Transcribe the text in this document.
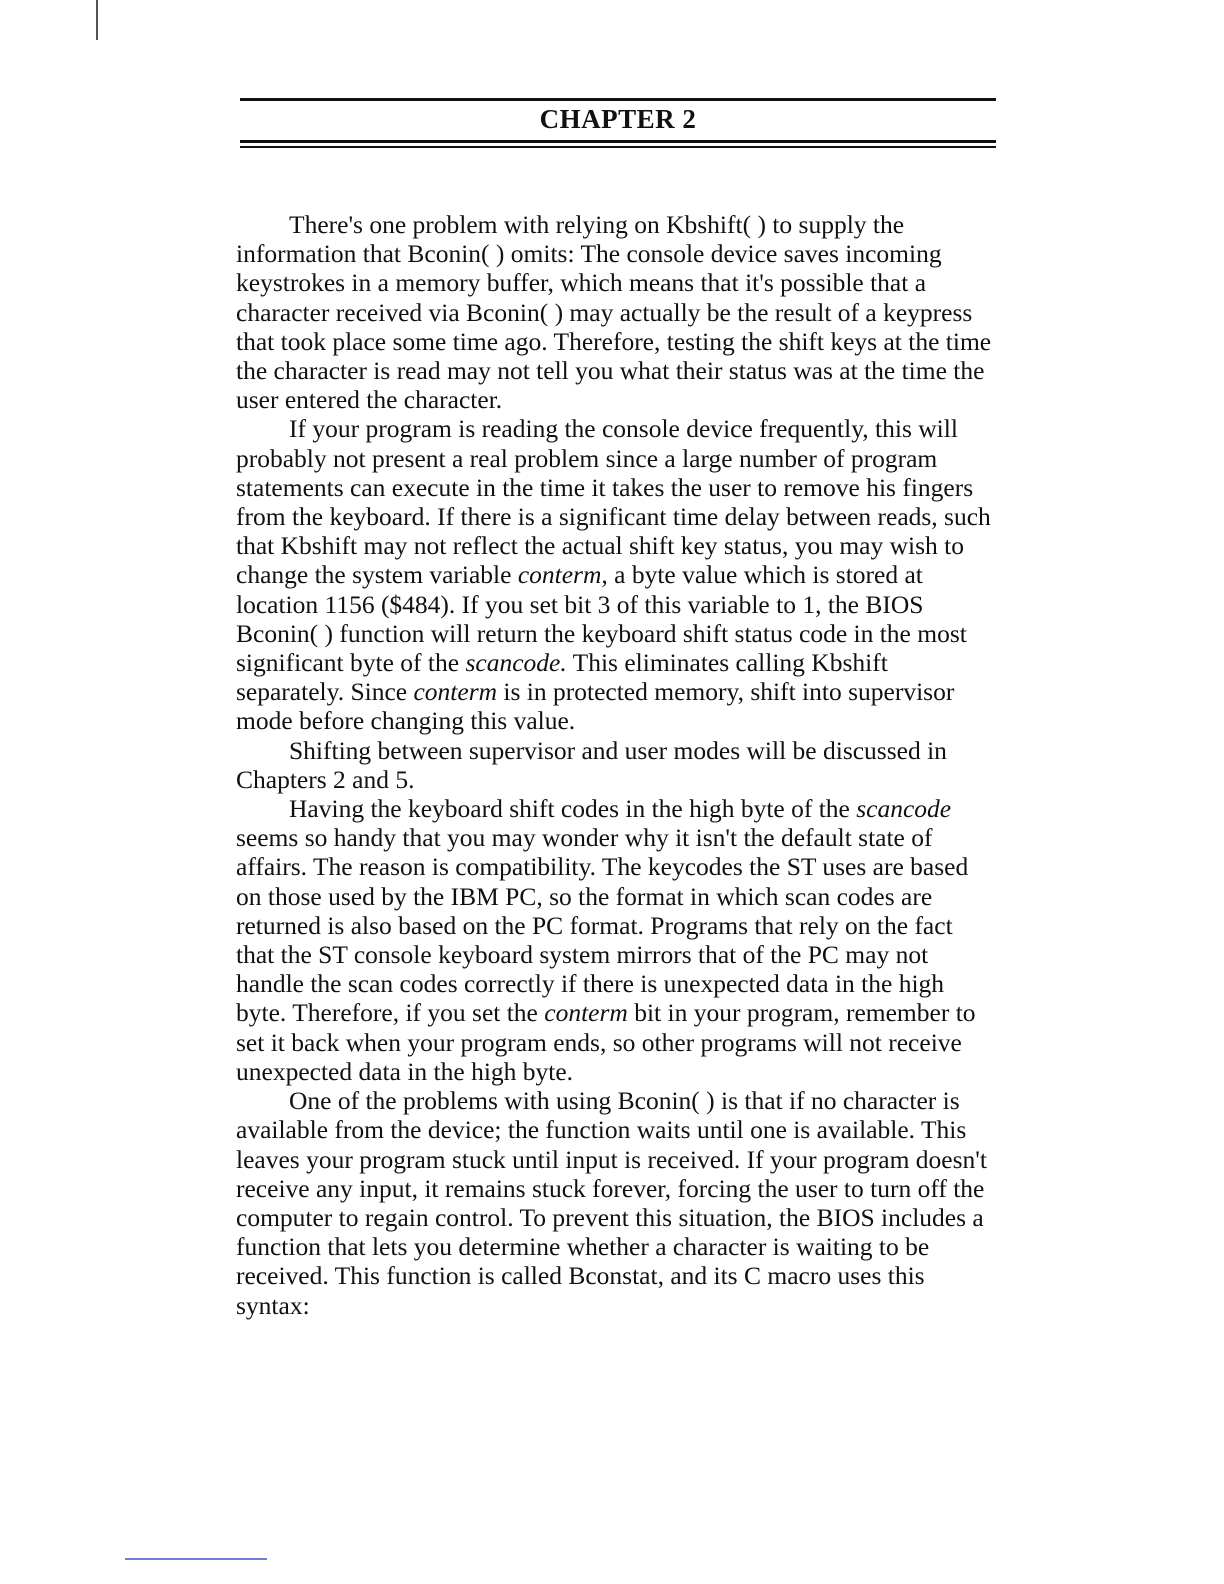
CHAPTER 2

There's one problem with relying on Kbshift( ) to supply the information that Bconin( ) omits: The console device saves incoming keystrokes in a memory buffer, which means that it's possible that a character received via Bconin( ) may actually be the result of a keypress that took place some time ago. Therefore, testing the shift keys at the time the character is read may not tell you what their status was at the time the user entered the character.

If your program is reading the console device frequently, this will probably not present a real problem since a large number of program statements can execute in the time it takes the user to remove his fingers from the keyboard. If there is a significant time delay between reads, such that Kbshift may not reflect the actual shift key status, you may wish to change the system variable conterm, a byte value which is stored at location 1156 ($484). If you set bit 3 of this variable to 1, the BIOS Bconin( ) function will return the keyboard shift status code in the most significant byte of the scancode. This eliminates calling Kbshift separately. Since conterm is in protected memory, shift into supervisor mode before changing this value.

Shifting between supervisor and user modes will be discussed in Chapters 2 and 5.

Having the keyboard shift codes in the high byte of the scancode seems so handy that you may wonder why it isn't the default state of affairs. The reason is compatibility. The keycodes the ST uses are based on those used by the IBM PC, so the format in which scan codes are returned is also based on the PC format. Programs that rely on the fact that the ST console keyboard system mirrors that of the PC may not handle the scan codes correctly if there is unexpected data in the high byte. Therefore, if you set the conterm bit in your program, remember to set it back when your program ends, so other programs will not receive unexpected data in the high byte.

One of the problems with using Bconin( ) is that if no character is available from the device; the function waits until one is available. This leaves your program stuck until input is received. If your program doesn't receive any input, it remains stuck forever, forcing the user to turn off the computer to regain control. To prevent this situation, the BIOS includes a function that lets you determine whether a character is waiting to be received. This function is called Bconstat, and its C macro uses this syntax:
